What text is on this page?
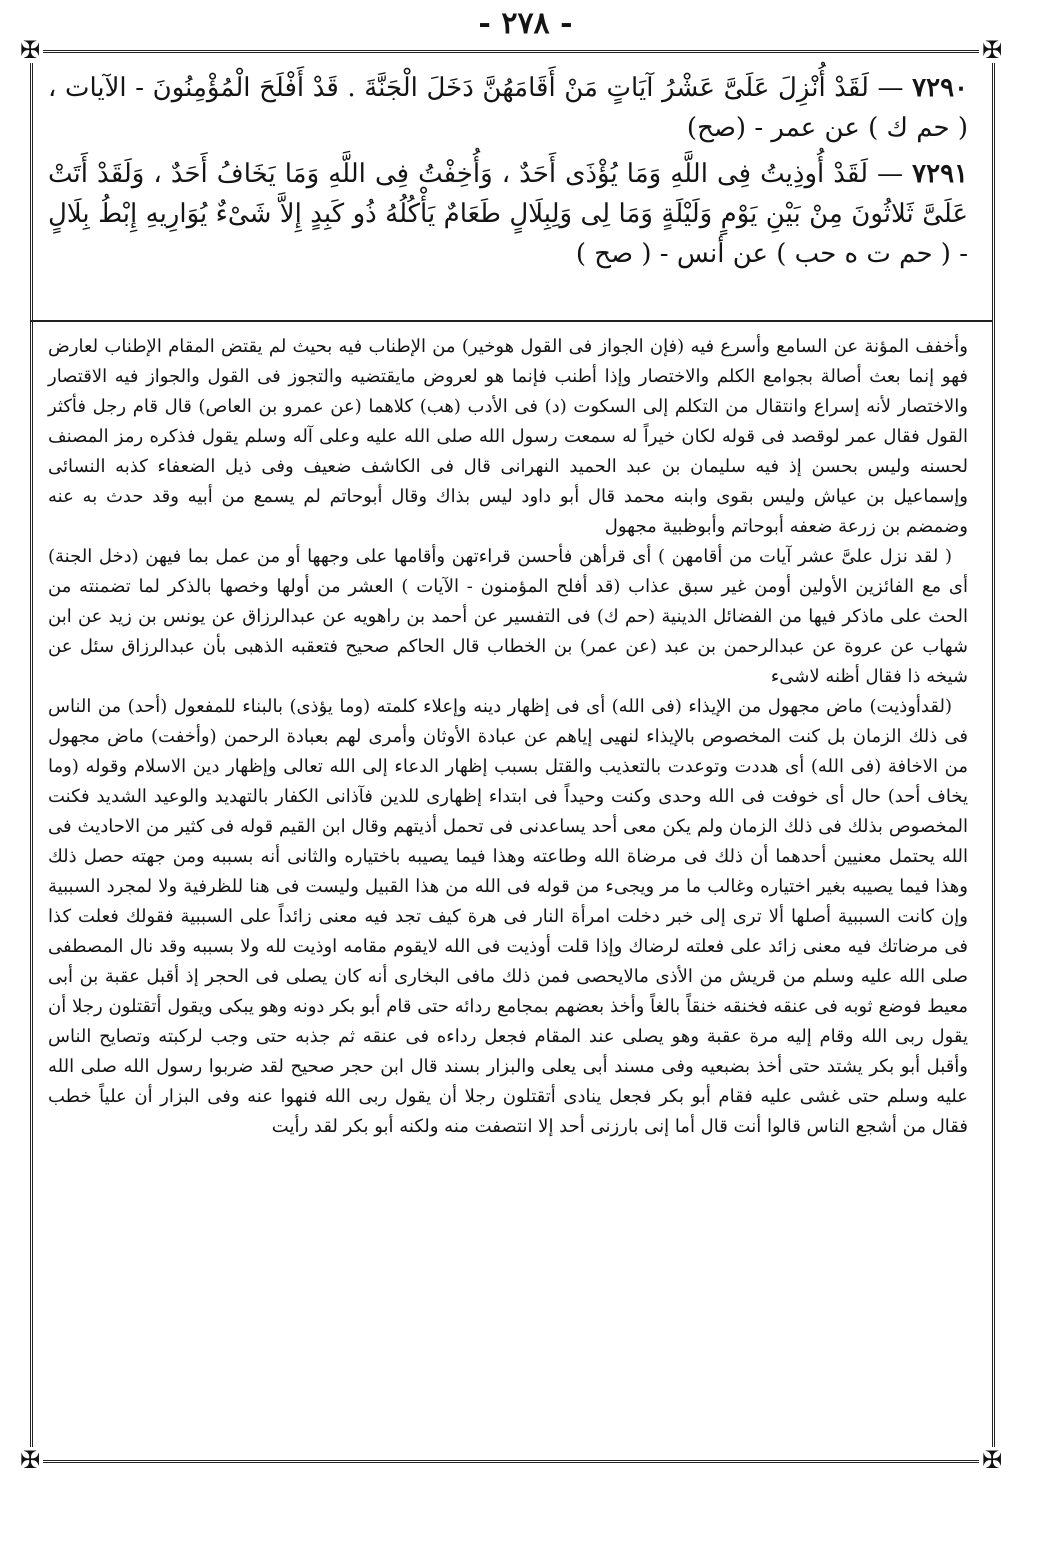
- ٢٧٨ -
✠	✠
✠	✠
٧٢٩٠ — لَقَدْ أُنْزِلَ عَلَىَّ عَشْرُ آيَاتٍ مَنْ أَقَامَهُنَّ دَخَلَ الْجَنَّةَ . قَدْ أَفْلَحَ الْمُؤْمِنُونَ - الآيات ، ( حم ك ) عن عمر - (صح)
٧٢٩١ — لَقَدْ أُوذِيتُ فِى اللَّهِ وَمَا يُؤْذَى أَحَدٌ ، وَأُخِفْتُ فِى اللَّهِ وَمَا يَخَافُ أَحَدٌ ، وَلَقَدْ أَتَتْ عَلَىَّ ثَلاثُونَ مِنْ بَيْنِ يَوْمٍ وَلَيْلَةٍ وَمَا لِى وَلِبِلَالٍ طَعَامٌ يَأْكُلُهُ ذُو كَبِدٍ إِلاَّ شَىْءٌ يُوَارِيهِ إِبْطُ بِلَالٍ - ( حم ت ه حب ) عن أنس - ( صح )

وأخفف المؤنة عن السامع وأسرع فيه (فإن الجواز فى القول هوخير) من الإطناب فيه بحيث لم يقتض المقام الإطناب لعارض فهو إنما بعث أصالة بجوامع الكلم والاختصار وإذا أطنب فإنما هو لعروض مايقتضيه والتجوز فى القول والجواز فيه الاقتصار والاختصار لأنه إسراع وانتقال من التكلم إلى السكوت (د) فى الأدب (هب) كلاهما (عن عمرو بن العاص) قال قام رجل فأكثر القول فقال عمر لوقصد فى قوله لكان خيراً له سمعت رسول الله صلى الله عليه وعلى آله وسلم يقول فذكره رمز المصنف لحسنه وليس بحسن إذ فيه سليمان بن عبد الحميد النهرانى قال فى الكاشف ضعيف وفى ذيل الضعفاء كذبه النسائى وإسماعيل بن عياش وليس بقوى وابنه محمد قال أبو داود ليس بذاك وقال أبوحاتم لم يسمع من أبيه وقد حدث به عنه وضمضم بن زرعة ضعفه أبوحاتم وأبوظبية مجهول

( لقد نزل علىَّ عشر آيات من أقامهن ) أى قرأهن فأحسن قراءتهن وأقامها على وجهها أو من عمل بما فيهن (دخل الجنة) أى مع الفائزين الأولين أومن غير سبق عذاب (قد أفلح المؤمنون - الآيات ) العشر من أولها وخصها بالذكر لما تضمنته من الحث على ماذكر فيها من الفضائل الدينية (حم ك) فى التفسير عن أحمد بن راهويه عن عبدالرزاق عن يونس بن زيد عن ابن شهاب عن عروة عن عبدالرحمن بن عبد (عن عمر) بن الخطاب قال الحاكم صحيح فتعقبه الذهبى بأن عبدالرزاق سئل عن شيخه ذا فقال أظنه لاشىء

(لقدأوذيت) ماض مجهول من الإيذاء (فى الله) أى فى إظهار دينه وإعلاء كلمته (وما يؤذى) بالبناء للمفعول (أحد) من الناس فى ذلك الزمان بل كنت المخصوص بالإيذاء لنهيى إياهم عن عبادة الأوثان وأمرى لهم بعبادة الرحمن (وأخفت) ماض مجهول من الاخافة (فى الله) أى هددت وتوعدت بالتعذيب والقتل بسبب إظهار الدعاء إلى الله تعالى وإظهار دين الاسلام وقوله (وما يخاف أحد) حال أى خوفت فى الله وحدى وكنت وحيداً فى ابتداء إظهارى للدين فآذانى الكفار بالتهديد والوعيد الشديد فكنت المخصوص بذلك فى ذلك الزمان ولم يكن معى أحد يساعدنى فى تحمل أذيتهم وقال ابن القيم قوله فى كثير من الاحاديث فى الله يحتمل معنيين أحدهما أن ذلك فى مرضاة الله وطاعته وهذا فيما يصيبه باختياره والثانى أنه بسببه ومن جهته حصل ذلك وهذا فيما يصيبه بغير اختياره وغالب ما مر ويجىء من قوله فى الله من هذا القبيل وليست فى هنا للظرفية ولا لمجرد السببية وإن كانت السببية أصلها ألا ترى إلى خبر دخلت امرأة النار فى هرة كيف تجد فيه معنى زائداً على السببية فقولك فعلت كذا فى مرضاتك فيه معنى زائد على فعلته لرضاك وإذا قلت أوذيت فى الله لايقوم مقامه اوذيت لله ولا بسببه وقد نال المصطفى صلى الله عليه وسلم من قريش من الأذى مالايحصى فمن ذلك مافى البخارى أنه كان يصلى فى الحجر إذ أقبل عقبة بن أبى معيط فوضع ثوبه فى عنقه فخنقه خنقاً بالغاً وأخذ بعضهم بمجامع ردائه حتى قام أبو بكر دونه وهو يبكى ويقول أتقتلون رجلا أن يقول ربى الله وقام إليه مرة عقبة وهو يصلى عند المقام فجعل رداءه فى عنقه ثم جذبه حتى وجب لركبته وتصايح الناس وأقبل أبو بكر يشتد حتى أخذ بضبعيه وفى مسند أبى يعلى والبزار بسند قال ابن حجر صحيح لقد ضربوا رسول الله صلى الله عليه وسلم حتى غشى عليه فقام أبو بكر فجعل ينادى أتقتلون رجلا أن يقول ربى الله فنهوا عنه وفى البزار أن علياً خطب فقال من أشجع الناس قالوا أنت قال أما إنى بارزنى أحد إلا انتصفت منه ولكنه أبو بكر لقد رأيت
